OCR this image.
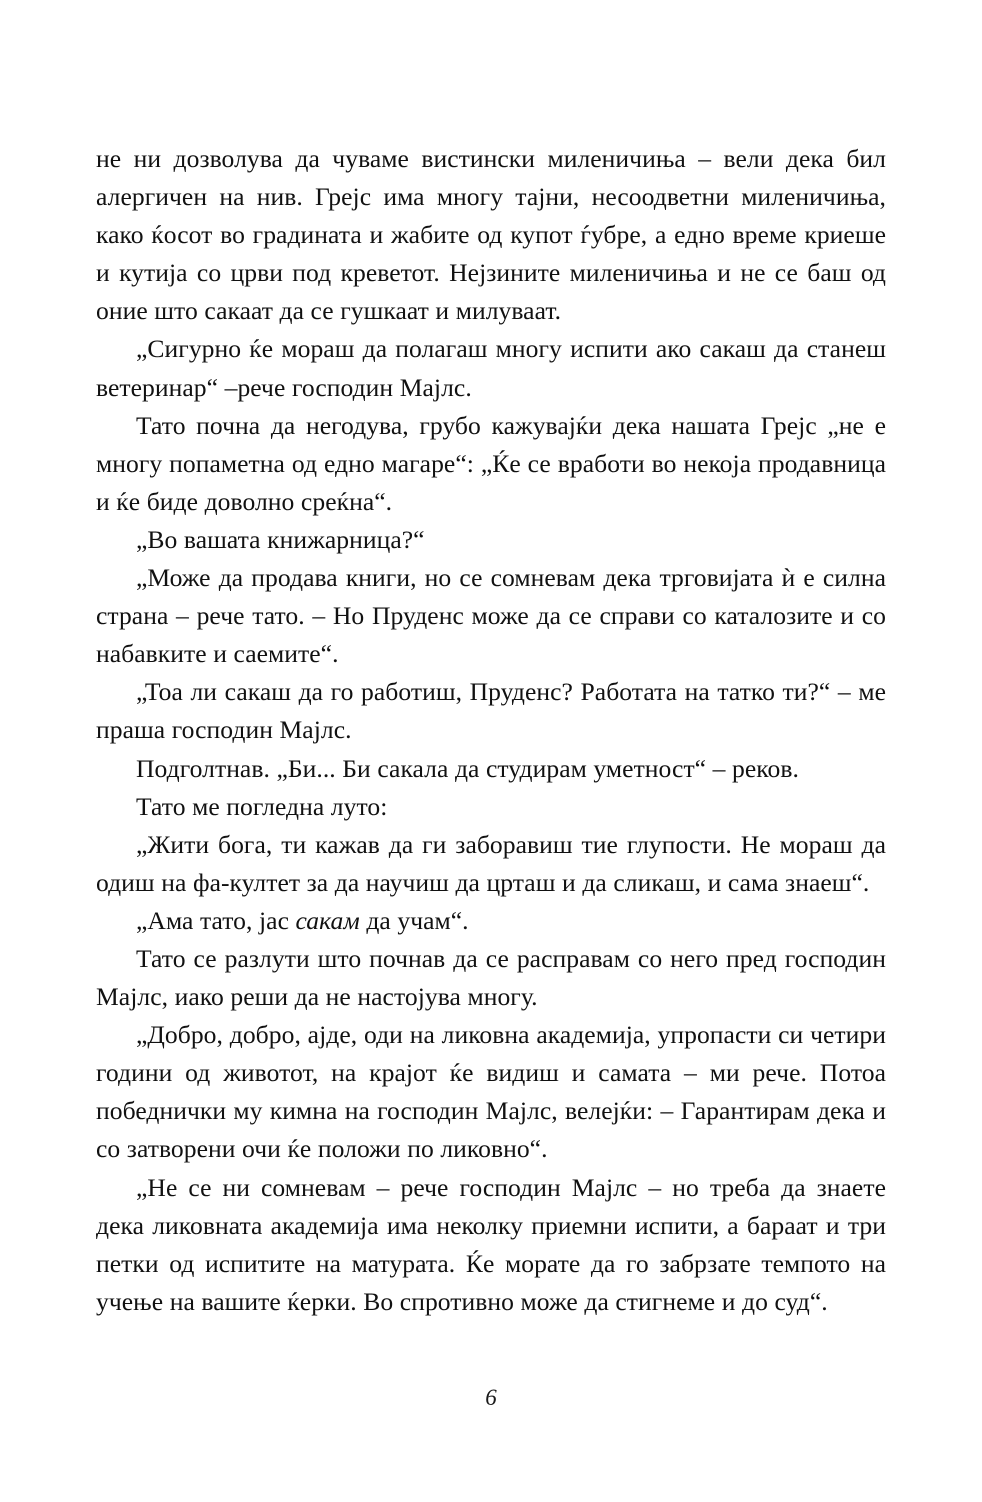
не ни дозволува да чуваме вистински миленичиња – вели дека бил алергичен на нив. Грејс има многу тајни, несоодветни миленичиња, како ќосот во градината и жабите од купот ѓубре, а едно време криеше и кутија со црви под креветот. Нејзините миленичиња и не се баш од оние што сакаат да се гушкаат и милуваат.

„Сигурно ќе мораш да полагаш многу испити ако сакаш да станеш ветеринар“ –рече господин Мајлс.

Тато почна да негодува, грубо кажувајќи дека нашата Грејс „не е многу попаметна од едно магаре“: „Ќе се вработи во некоја продавница и ќе биде доволно среќна“.

„Во вашата книжарница?“

„Може да продава книги, но се сомневам дека трговијата ѝ е силна страна – рече тато. – Но Пруденс може да се справи со каталозите и со набавките и саемите“.

„Тоа ли сакаш да го работиш, Пруденс? Работата на татко ти?“ – ме праша господин Мајлс.

Подголтнав. „Би... Би сакала да студирам уметност“ – реков.

Тато ме погледна луто:

„Жити бога, ти кажав да ги заборавиш тие глупости. Не мораш да одиш на фа-култет за да научиш да црташ и да сликаш, и сама знаеш“.

„Ама тато, јас сакам да учам“.

Тато се разлути што почнав да се расправам со него пред господин Мајлс, иако реши да не настојува многу.

„Добро, добро, ајде, оди на ликовна академија, упропасти си четири години од животот, на крајот ќе видиш и самата – ми рече. Потоа победнички му кимна на господин Мајлс, велејќи: – Гарантирам дека и со затворени очи ќе положи по ликовно“.

„Не се ни сомневам – рече господин Мајлс – но треба да знаете дека ликовната академија има неколку приемни испити, а бараат и три петки од испитите на матурата. Ќе морате да го забрзате темпото на учење на вашите ќерки. Во спротивно може да стигнеме и до суд“.

6
